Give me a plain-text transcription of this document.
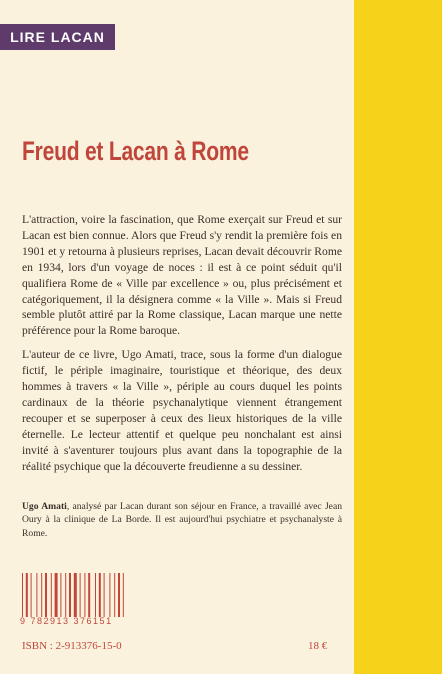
LIRE LACAN
Freud et Lacan à Rome

L'attraction, voire la fascination, que Rome exerçait sur Freud et sur Lacan est bien connue. Alors que Freud s'y rendit la première fois en 1901 et y retourna à plusieurs reprises, Lacan devait découvrir Rome en 1934, lors d'un voyage de noces : il est à ce point séduit qu'il qualifiera Rome de « Ville par excellence » ou, plus précisément et catégoriquement, il la désignera comme « la Ville ». Mais si Freud semble plutôt attiré par la Rome classique, Lacan marque une nette préférence pour la Rome baroque.

L'auteur de ce livre, Ugo Amati, trace, sous la forme d'un dialogue fictif, le périple imaginaire, touristique et théorique, des deux hommes à travers « la Ville », périple au cours duquel les points cardinaux de la théorie psychanalytique viennent étrangement recouper et se superposer à ceux des lieux historiques de la ville éternelle. Le lecteur attentif et quelque peu nonchalant est ainsi invité à s'aventurer toujours plus avant dans la topographie de la réalité psychique que la découverte freudienne a su dessiner.

Ugo Amati, analysé par Lacan durant son séjour en France, a travaillé avec Jean Oury à la clinique de La Borde. Il est aujourd'hui psychiatre et psychanalyste à Rome.
9 782913 376151
ISBN : 2-913376-15-0	18 €
